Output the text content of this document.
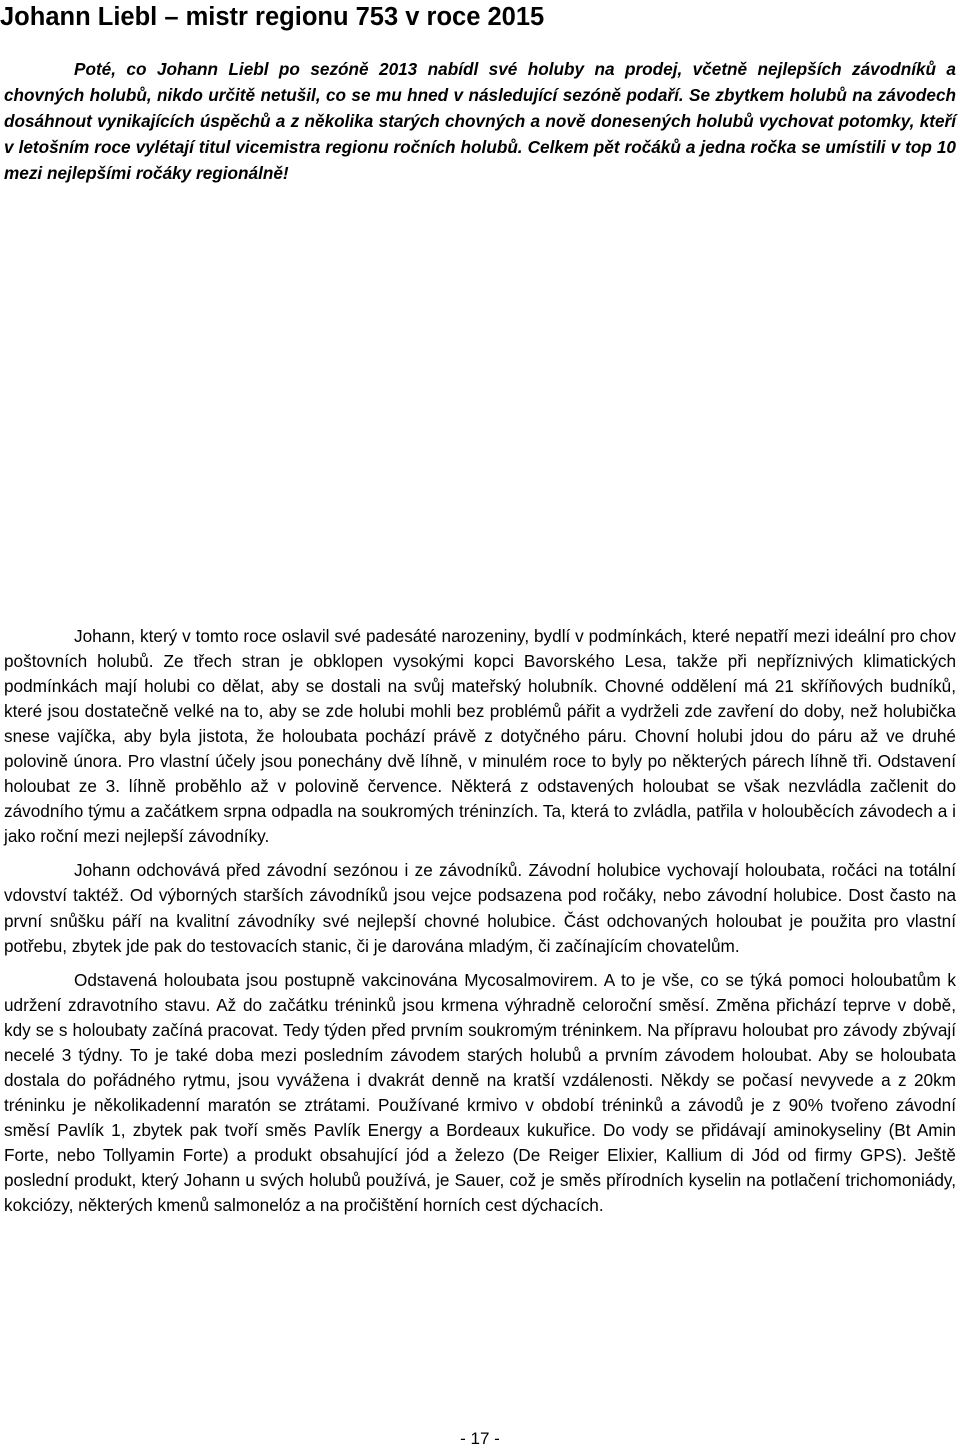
Johann Liebl – mistr regionu 753 v roce 2015

Poté, co Johann Liebl po sezóně 2013 nabídl své holuby na prodej, včetně nejlepších závodníků a chovných holubů, nikdo určitě netušil, co se mu hned v následující sezóně podaří. Se zbytkem holubů na závodech dosáhnout vynikajících úspěchů a z několika starých chovných a nově donesených holubů vychovat potomky, kteří v letošním roce vylétají titul vicemistra regionu ročních holubů. Celkem pět ročáků a jedna ročka se umístili v top 10 mezi nejlepšími ročáky regionálně!

Johann, který v tomto roce oslavil své padesáté narozeniny, bydlí v podmínkách, které nepatří mezi ideální pro chov poštovních holubů. Ze třech stran je obklopen vysokými kopci Bavorského Lesa, takže při nepříznivých klimatických podmínkách mají holubi co dělat, aby se dostali na svůj mateřský holubník. Chovné oddělení má 21 skříňových budníků, které jsou dostatečně velké na to, aby se zde holubi mohli bez problémů pářit a vydrželi zde zavření do doby, než holubička snese vajíčka, aby byla jistota, že holoubata pochází právě z dotyčného páru. Chovní holubi jdou do páru až ve druhé polovině února. Pro vlastní účely jsou ponechány dvě líhně, v minulém roce to byly po některých párech líhně tři. Odstavení holoubat ze 3. líhně proběhlo až v polovině července. Některá z odstavených holoubat se však nezvládla začlenit do závodního týmu a začátkem srpna odpadla na soukromých tréninzích. Ta, která to zvládla, patřila v holouběcích závodech a i jako roční mezi nejlepší závodníky.

Johann odchovává před závodní sezónou i ze závodníků. Závodní holubice vychovají holoubata, ročáci na totální vdovství taktéž. Od výborných starších závodníků jsou vejce podsazena pod ročáky, nebo závodní holubice. Dost často na první snůšku páří na kvalitní závodníky své nejlepší chovné holubice. Část odchovaných holoubat je použita pro vlastní potřebu, zbytek jde pak do testovacích stanic, či je darována mladým, či začínajícím chovatelům.

Odstavená holoubata jsou postupně vakcinována Mycosalmovirem. A to je vše, co se týká pomoci holoubatům k udržení zdravotního stavu. Až do začátku tréninků jsou krmena výhradně celoroční směsí. Změna přichází teprve v době, kdy se s holoubaty začíná pracovat. Tedy týden před prvním soukromým tréninkem. Na přípravu holoubat pro závody zbývají necelé 3 týdny. To je také doba mezi posledním závodem starých holubů a prvním závodem holoubat. Aby se holoubata dostala do pořádného rytmu, jsou vyvážena i dvakrát denně na kratší vzdálenosti. Někdy se počasí nevyvede a z 20km tréninku je několikadenní maratón se ztrátami. Používané krmivo v období tréninků a závodů je z 90% tvořeno závodní směsí Pavlík 1, zbytek pak tvoří směs Pavlík Energy a Bordeaux kukuřice. Do vody se přidávají aminokyseliny (Bt Amin Forte, nebo Tollyamin Forte) a produkt obsahující jód a železo (De Reiger Elixier, Kallium di Jód od firmy GPS). Ještě poslední produkt, který Johann u svých holubů používá, je Sauer, což je směs přírodních kyselin na potlačení trichomoniády, kokciózy, některých kmenů salmonelóz a na pročištění horních cest dýchacích.

- 17 -
